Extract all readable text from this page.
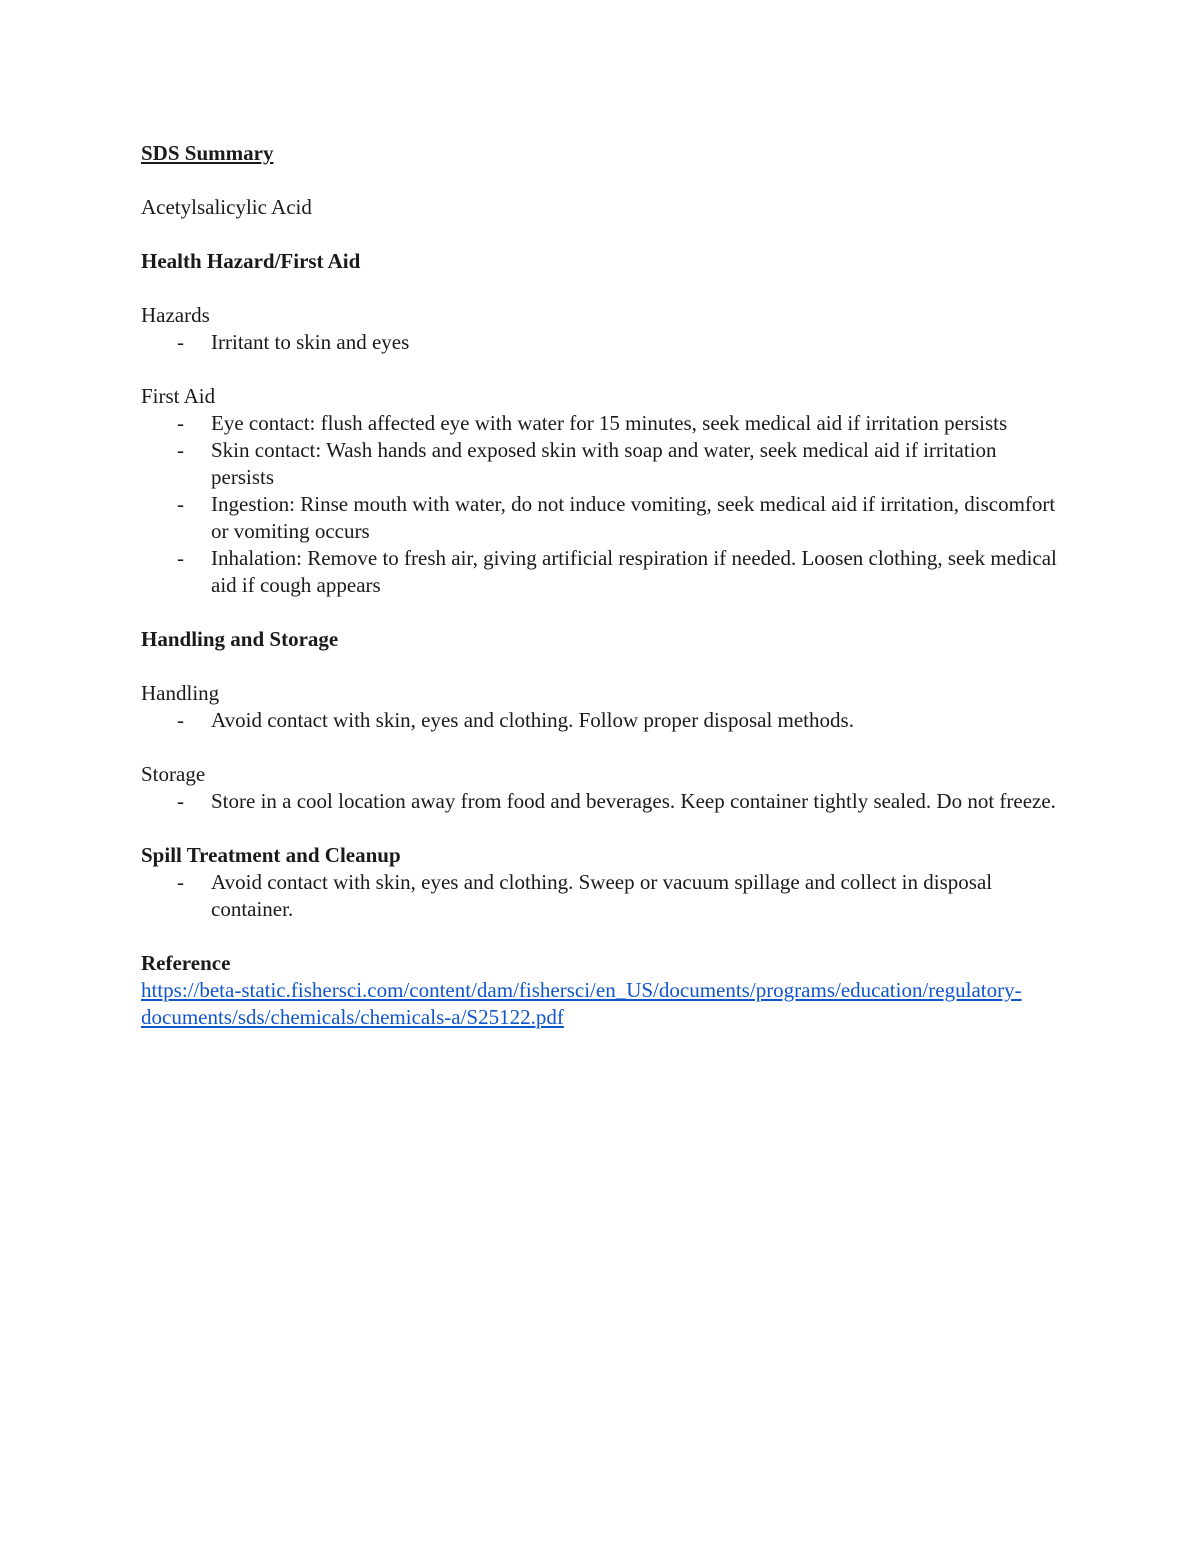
SDS Summary

Acetylsalicylic Acid

Health Hazard/First Aid

Hazards

- Irritant to skin and eyes

First Aid

- Eye contact: flush affected eye with water for 15 minutes, seek medical aid if irritation persists
- Skin contact: Wash hands and exposed skin with soap and water, seek medical aid if irritation persists
- Ingestion: Rinse mouth with water, do not induce vomiting, seek medical aid if irritation, discomfort or vomiting occurs
- Inhalation: Remove to fresh air, giving artificial respiration if needed. Loosen clothing, seek medical aid if cough appears

Handling and Storage

Handling

- Avoid contact with skin, eyes and clothing. Follow proper disposal methods.

Storage

- Store in a cool location away from food and beverages. Keep container tightly sealed. Do not freeze.

Spill Treatment and Cleanup

- Avoid contact with skin, eyes and clothing. Sweep or vacuum spillage and collect in disposal container.

Reference

https://beta-static.fishersci.com/content/dam/fishersci/en_US/documents/programs/education/regulatory-documents/sds/chemicals/chemicals-a/S25122.pdf
